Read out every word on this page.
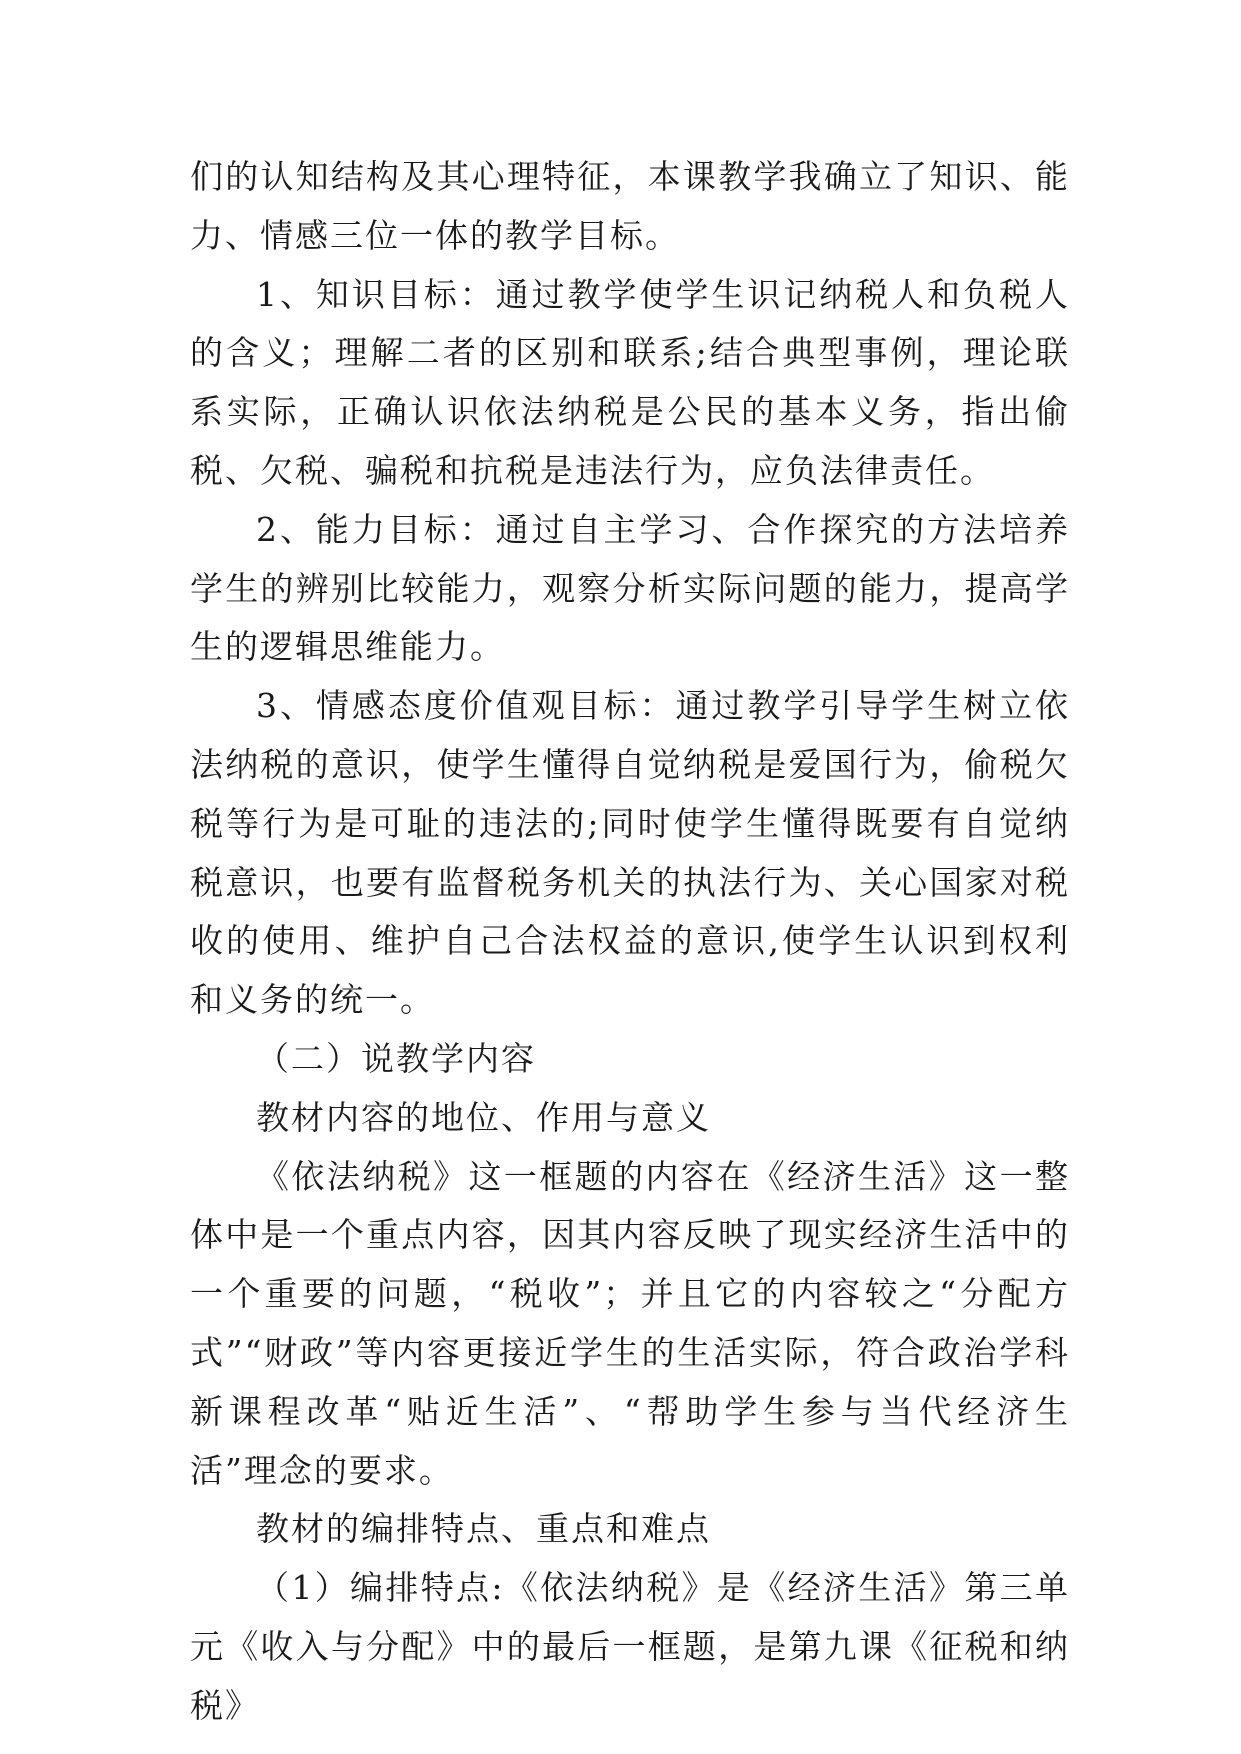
们的认知结构及其心理特征，本课教学我确立了知识、能力、情感三位一体的教学目标。

1、知识目标：通过教学使学生识记纳税人和负税人的含义；理解二者的区别和联系;结合典型事例，理论联系实际，正确认识依法纳税是公民的基本义务，指出偷税、欠税、骗税和抗税是违法行为，应负法律责任。

2、能力目标：通过自主学习、合作探究的方法培养学生的辨别比较能力，观察分析实际问题的能力，提高学生的逻辑思维能力。

3、情感态度价值观目标：通过教学引导学生树立依法纳税的意识，使学生懂得自觉纳税是爱国行为，偷税欠税等行为是可耻的违法的;同时使学生懂得既要有自觉纳税意识，也要有监督税务机关的执法行为、关心国家对税收的使用、维护自己合法权益的意识,使学生认识到权利和义务的统一。

（二）说教学内容

教材内容的地位、作用与意义

《依法纳税》这一框题的内容在《经济生活》这一整体中是一个重点内容，因其内容反映了现实经济生活中的一个重要的问题，“税收”；并且它的内容较之“分配方式”“财政”等内容更接近学生的生活实际，符合政治学科新课程改革“贴近生活”、“帮助学生参与当代经济生活”理念的要求。

教材的编排特点、重点和难点

（1）编排特点:《依法纳税》是《经济生活》第三单元《收入与分配》中的最后一框题，是第九课《征税和纳税》
